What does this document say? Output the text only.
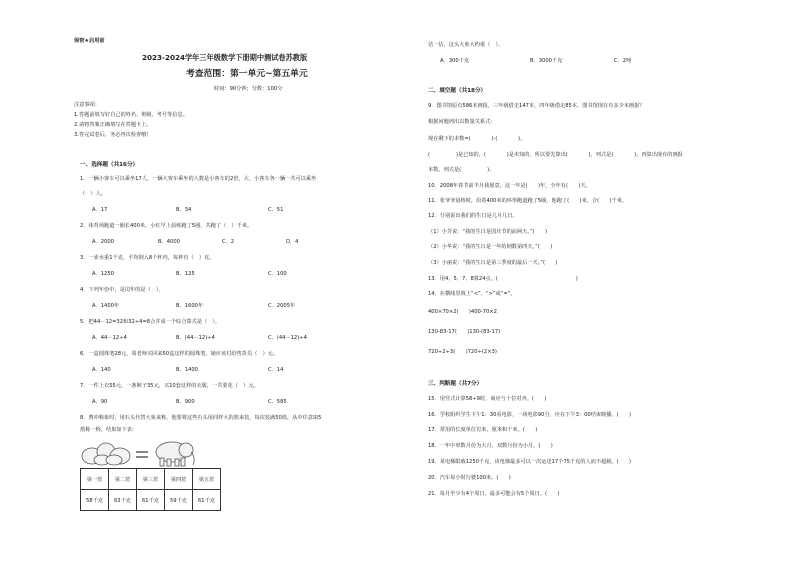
保密★启用前
2023-2024学年三年级数学下册期中测试卷苏教版
考查范围：第一单元~第五单元
时间：90分钟；分数：100分
注意事项：
1.答题前填写好自己的姓名、班级、考号等信息。
2.请将答案正确填写在答题卡上。
3.答完试卷后，务必再次检查哦！
一、选择题（共16分）
1．一辆小客车可以乘坐17人，一辆大客车乘坐的人数是小客车的2倍，大、小客车各一辆一共可以乘坐
（　）人。
A．17	B．34	C．51
2．体育场跑道一圈长400米，小红早上晨练跑了5圈，共跑了（　）千米。
A．2000	B．4000	C．2	D．4
3．一壶水重1千克，平均倒入8个杯内，每杯有（　）克。
A．1250	B．125	C．100
4．下列年份中，是闰年的是（　）。
A．1400年	B．1600年	C．2005年
5．把44－12=32和32÷4=8合并成一个综合算式是（　）。
A．44－12÷4	B．(44－12)÷4	C．(44－12)÷4
6．一盒圆珠笔28元，周老师买回来50盒这样的圆珠笔，她应该付给售货员（　）元。
A．140	B．1400	C．14
7．一件上衣55元，一条裤子35元，买10套这样的衣服，一共要花（　）元。
A．90	B．900	C．585
8．曹冲称象时，用石头代替大象来称，他要将这些石头用同样大的篮来装，每次装满50篮，从中任意取5
篮称一称，结果如下表：
第一筐	第二筐	第三筐	第四筐	第五筐
58千克	63千克	61千克	59千克	61千克
估一估，这头大象大约重（　）。
A．300千克	B．3000千克	C．2吨
二、填空题（共18分）
9．图书馆原有586本画报，三年级借走147本，四年级借走85本。图书馆现在有多少本画报？
根据问题列出以数量关系式：
现在剩下的本数=(　　　　)-(　　　　)。
(　　　　　)是已知的，(　　　　)是未知的，所以要先算出(　　　　)，列式是(　　　　)，再算出现在的画报
本数，列式是(　　　　　)。
10．2008年春节前半月我愿意，这一年是(　　)年，全年有(　　)天。
11．张爷爷晨练时，沿着400米的环形跑道跑了5圈，他跑了(　　)米，合(　　)千米。
12．分别说出我们的生日是几月几日。
（1）小芳说：“我的生日是国庆节的前两天。”(　　)
（2）小华说：“我的生日是一年的倒数第四天。”(　　)
（3）小丽说：“我的生日是第三季度的最后一天。”(　　)
13．用4、5、7、8算24点。(　　　　　　　　　　　　　　　)
14．在横线里填上“<”、“>”或“=”。
400×70×2(　　)400-70×2
130-83-17(　　)130-(83-17)
720÷2÷3(　　)720÷(2×3)
三、判断题（共7分）
15．用竖式计算58÷9时，商应与十位对齐。(　　)
16．学校組织学生下午1：30看电影，一场电影90分，应在下午3：00结束映播。(　　)
17．常用的长度单位有米、厘米和千米。(　　)
18．一年中单数月份为大月，双数月份为小月。(　　)
19．某电梯限载1250千克，该电梯最多可以一次运送17个75千克的人而不超载。(　　)
20．汽车每小时行驶100米。(　　)
21．每月至少有4个周日，最多可能会有5个周日。(　　)
